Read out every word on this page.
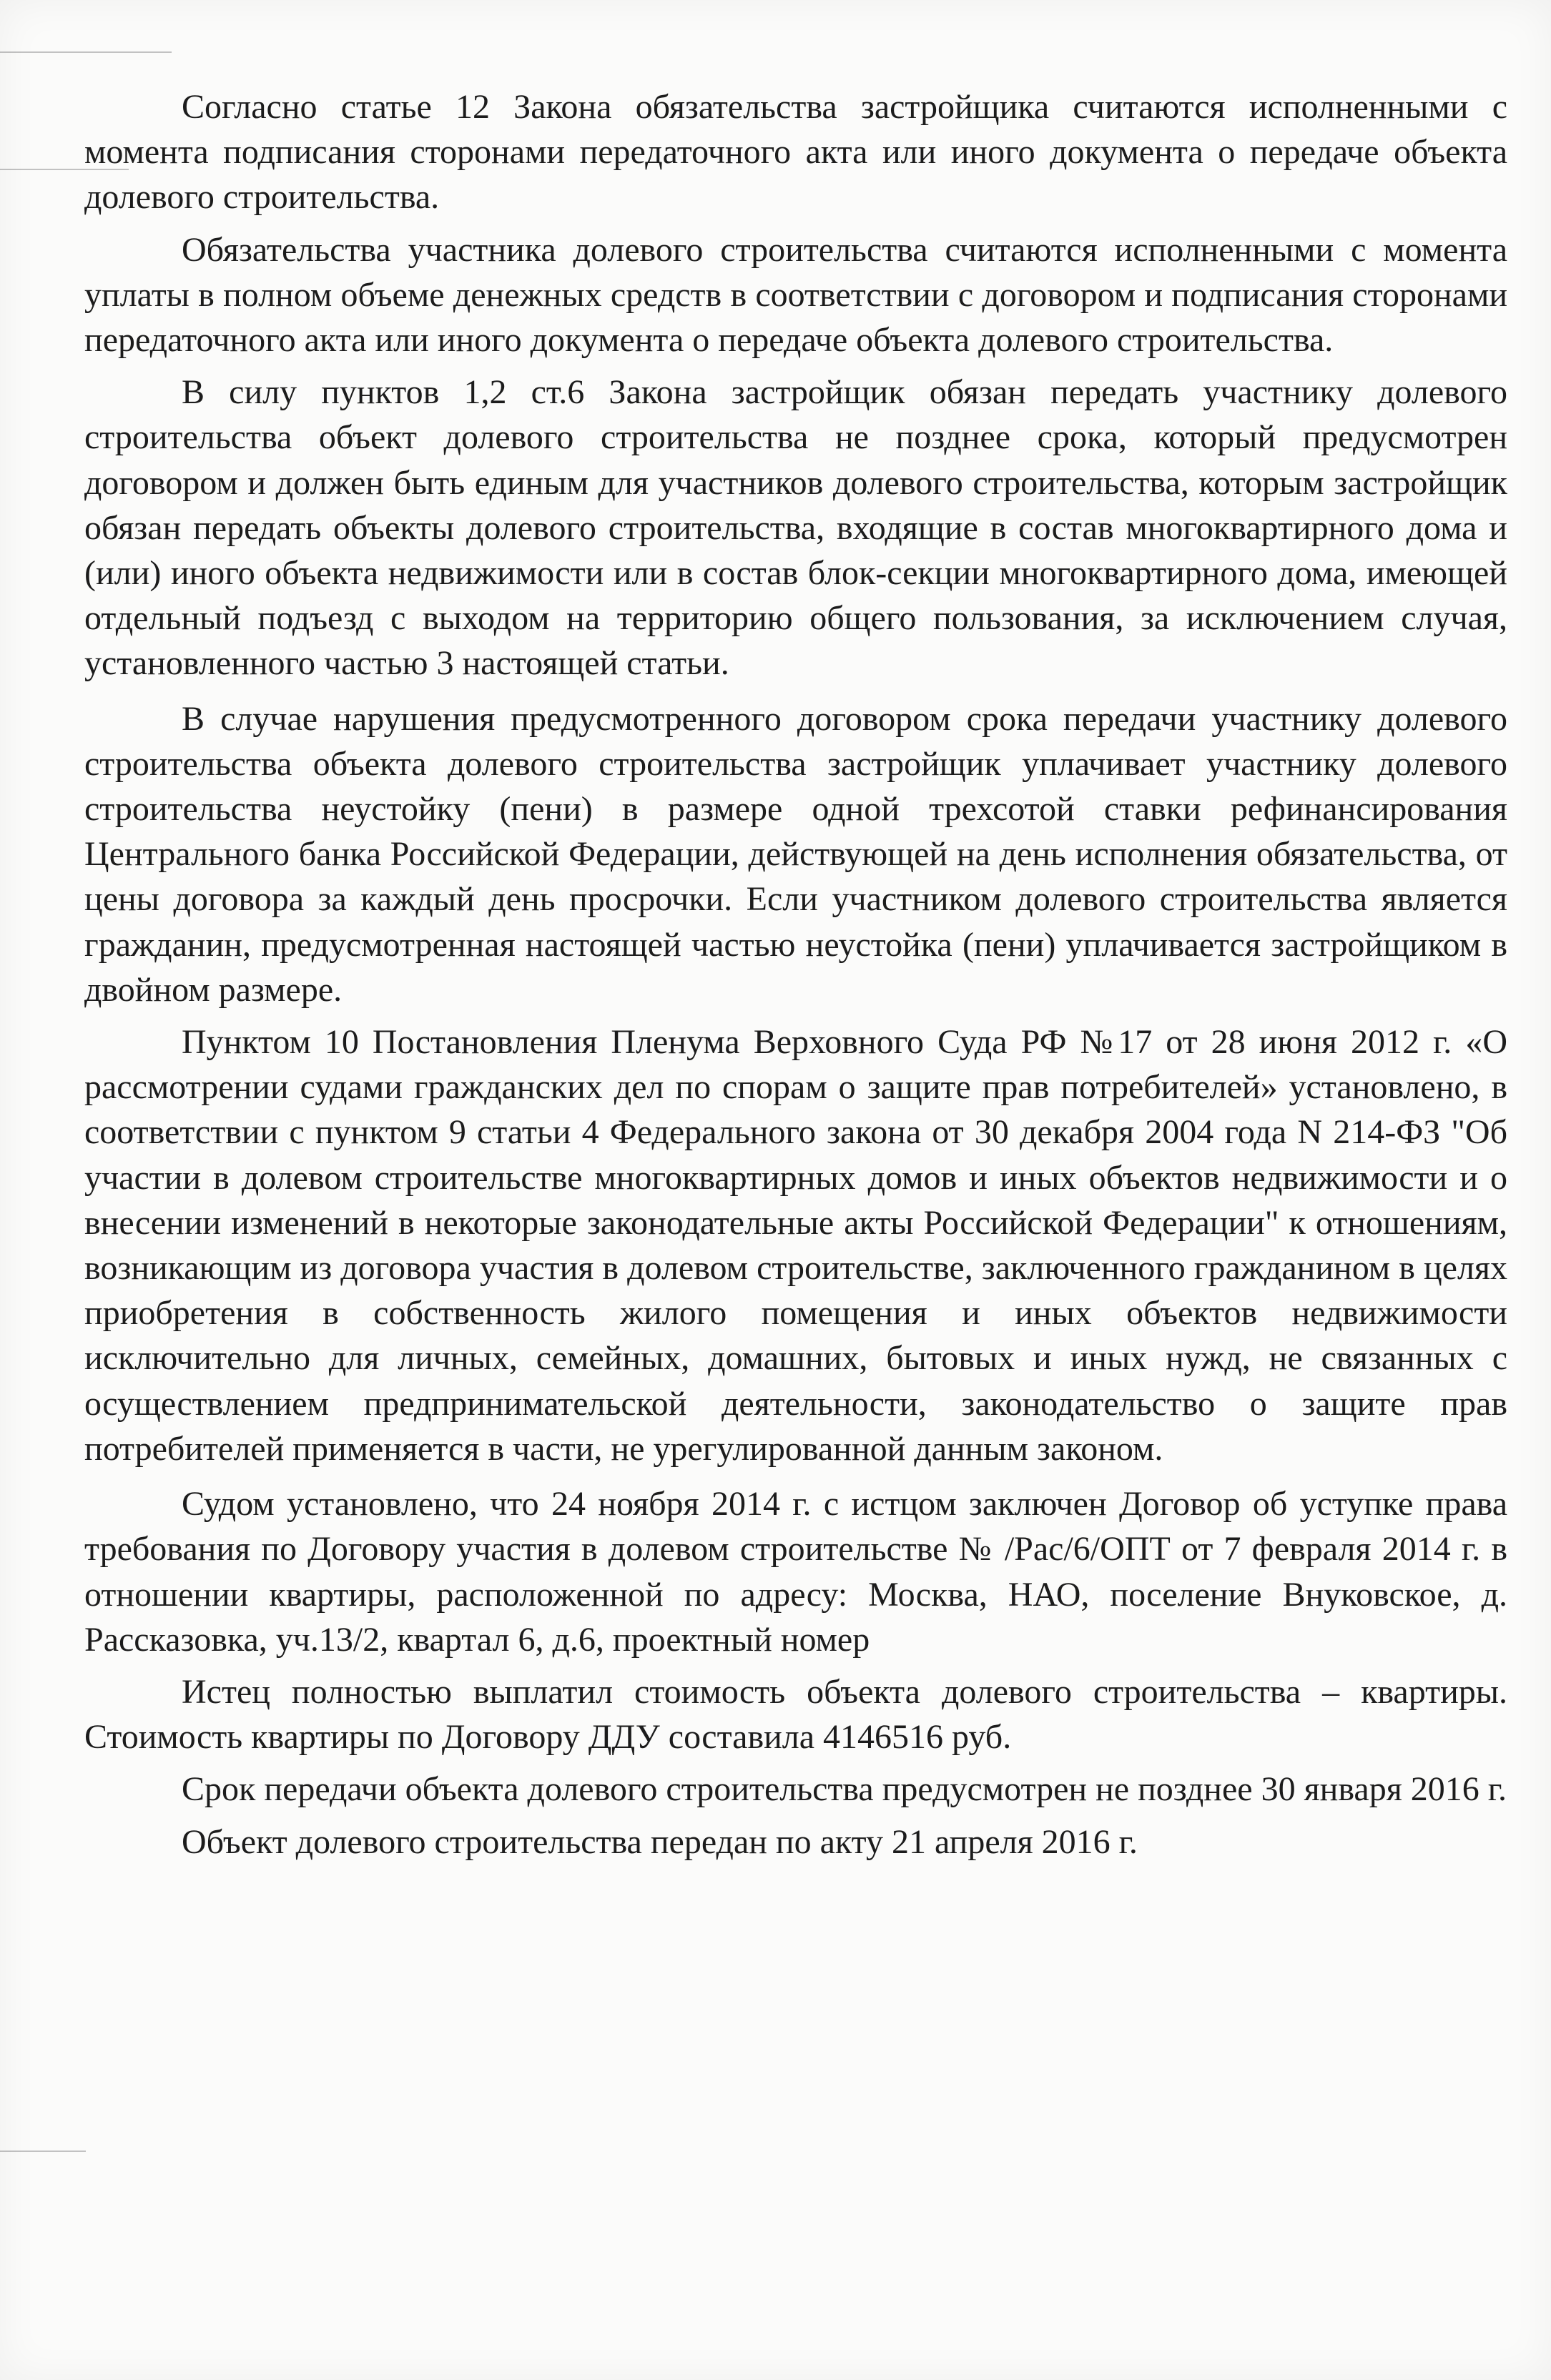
Согласно статье 12 Закона обязательства застройщика считаются исполненными с момента подписания сторонами передаточного акта или иного документа о передаче объекта долевого строительства.

Обязательства участника долевого строительства считаются исполненными с момента уплаты в полном объеме денежных средств в соответствии с договором и подписания сторонами передаточного акта или иного документа о передаче объекта долевого строительства.

В силу пунктов 1,2 ст.6 Закона застройщик обязан передать участнику долевого строительства объект долевого строительства не позднее срока, который предусмотрен договором и должен быть единым для участников долевого строительства, которым застройщик обязан передать объекты долевого строительства, входящие в состав многоквартирного дома и (или) иного объекта недвижимости или в состав блок-секции многоквартирного дома, имеющей отдельный подъезд с выходом на территорию общего пользования, за исключением случая, установленного частью 3 настоящей статьи.

В случае нарушения предусмотренного договором срока передачи участнику долевого строительства объекта долевого строительства застройщик уплачивает участнику долевого строительства неустойку (пени) в размере одной трехсотой ставки рефинансирования Центрального банка Российской Федерации, действующей на день исполнения обязательства, от цены договора за каждый день просрочки. Если участником долевого строительства является гражданин, предусмотренная настоящей частью неустойка (пени) уплачивается застройщиком в двойном размере.

Пунктом 10 Постановления Пленума Верховного Суда РФ №17 от 28 июня 2012 г. «О рассмотрении судами гражданских дел по спорам о защите прав потребителей» установлено, в соответствии с пунктом 9 статьи 4 Федерального закона от 30 декабря 2004 года N 214-ФЗ "Об участии в долевом строительстве многоквартирных домов и иных объектов недвижимости и о внесении изменений в некоторые законодательные акты Российской Федерации" к отношениям, возникающим из договора участия в долевом строительстве, заключенного гражданином в целях приобретения в собственность жилого помещения и иных объектов недвижимости исключительно для личных, семейных, домашних, бытовых и иных нужд, не связанных с осуществлением предпринимательской деятельности, законодательство о защите прав потребителей применяется в части, не урегулированной данным законом.

Судом установлено, что 24 ноября 2014 г. с истцом заключен Договор об уступке права требования по Договору участия в долевом строительстве № /Рас/6/ОПТ от 7 февраля 2014 г. в отношении квартиры, расположенной по адресу: Москва, НАО, поселение Внуковское, д. Рассказовка, уч.13/2, квартал 6, д.6, проектный номер

Истец полностью выплатил стоимость объекта долевого строительства – квартиры. Стоимость квартиры по Договору ДДУ составила 4146516 руб.

Срок передачи объекта долевого строительства предусмотрен не позднее 30 января 2016 г.

Объект долевого строительства передан по акту 21 апреля 2016 г.
